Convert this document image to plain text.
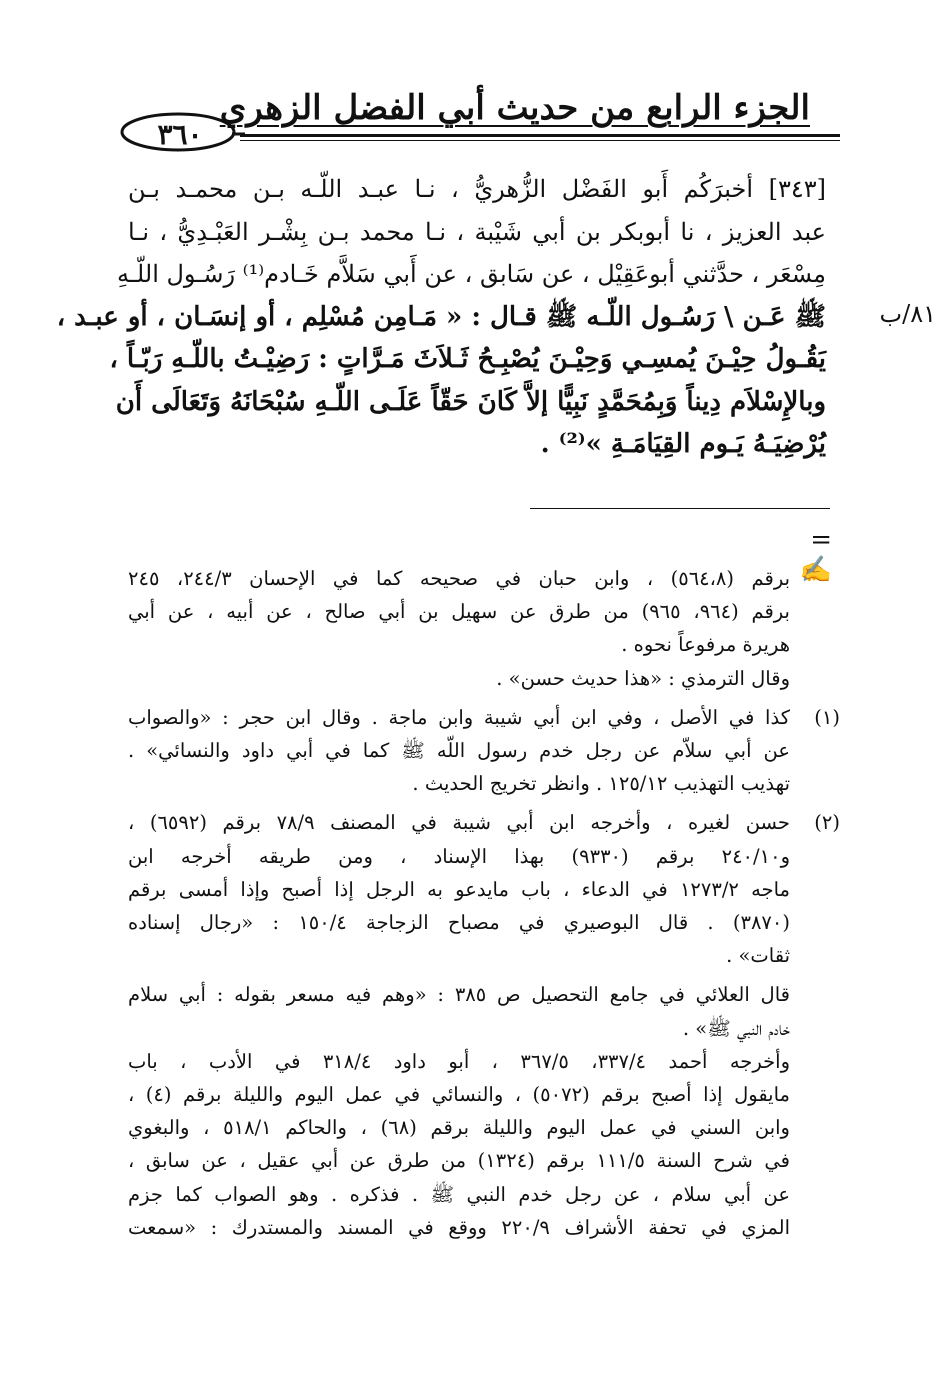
٣٦٠
الجزء الرابع من حديث أبي الفضل الزهري
٨١/ب
[٣٤٣] أخبرَكُم أَبو الفَضْل الزُّهريُّ ، نـا عبـد اللّـه بـن محمـد بـن
عبد العزيز ، نا أبوبكر بن أبي شَيْبة ، نـا محمد بـن بِشْـر العَبْـدِيُّ ، نـا
مِسْعَر ، حدَّثني أبوعَقِيْل ، عن سَابق ، عن أَبي سَلاَّم خَـادم⁽¹⁾ رَسُـول اللّـهِ
ﷺ عَـن \ رَسُـول اللّـه ﷺ قـال : « مَـامِن مُسْلِم ، أو إنسَـان ، أو عبـد ،
يَقُـولُ حِيْـنَ يُمسِـي وَحِيْـنَ يُصْبِـحُ ثَـلاَثَ مَـرَّاتٍ : رَضِيْـتُ باللّـهِ رَبّـاً ،
وبالإِسْلاَم دِيناً وَبِمُحَمَّدٍ نَبِيًّا إلاَّ كَانَ حَقّاً عَلَـى اللّـهِ سُبْحَانَهُ وَتَعَالَى أَن
يُرْضِيَـهُ يَـوم القِيَامَـةِ »⁽²⁾ .
= ✍
برقم (٥٦٤،٨) ، وابن حبان في صحيحه كما في الإحسان ٢٤٤/٣، ٢٤٥
برقم (٩٦٤، ٩٦٥) من طرق عن سهيل بن أبي صالح ، عن أبيه ، عن أبي
هريرة مرفوعاً نحوه .
وقال الترمذي : «هذا حديث حسن» .
(١)
كذا في الأصل ، وفي ابن أبي شيبة وابن ماجة . وقال ابن حجر : «والصواب
عن أبي سلاّم عن رجل خدم رسول اللّه ﷺ كما في أبي داود والنسائي» .
تهذيب التهذيب ١٢٥/١٢ . وانظر تخريج الحديث .
(٢)
حسن لغيره ، وأخرجه ابن أبي شيبة في المصنف ٧٨/٩ برقم (٦٥٩٢) ،
و٢٤٠/١٠ برقم (٩٣٣٠) بهذا الإسناد ، ومن طريقه أخرجه ابن
ماجه ١٢٧٣/٢ في الدعاء ، باب مايدعو به الرجل إذا أصبح وإذا أمسى برقم
(٣٨٧٠) . قال البوصيري في مصباح الزجاجة ١٥٠/٤ : «رجال إسناده
ثقات» .
قال العلائي في جامع التحصيل ص ٣٨٥ : «وهم فيه مسعر بقوله : أبي سلام
خادم النبي ﷺ» .
وأخرجه أحمد ٣٣٧/٤، ٣٦٧/٥ ، أبو داود ٣١٨/٤ في الأدب ، باب
مايقول إذا أصبح برقم (٥٠٧٢) ، والنسائي في عمل اليوم والليلة برقم (٤) ،
وابن السني في عمل اليوم والليلة برقم (٦٨) ، والحاكم ٥١٨/١ ، والبغوي
في شرح السنة ١١١/٥ برقم (١٣٢٤) من طرق عن أبي عقيل ، عن سابق ،
عن أبي سلام ، عن رجل خدم النبي ﷺ . فذكره . وهو الصواب كما جزم
المزي في تحفة الأشراف ٢٢٠/٩ ووقع في المسند والمستدرك : «سمعت
